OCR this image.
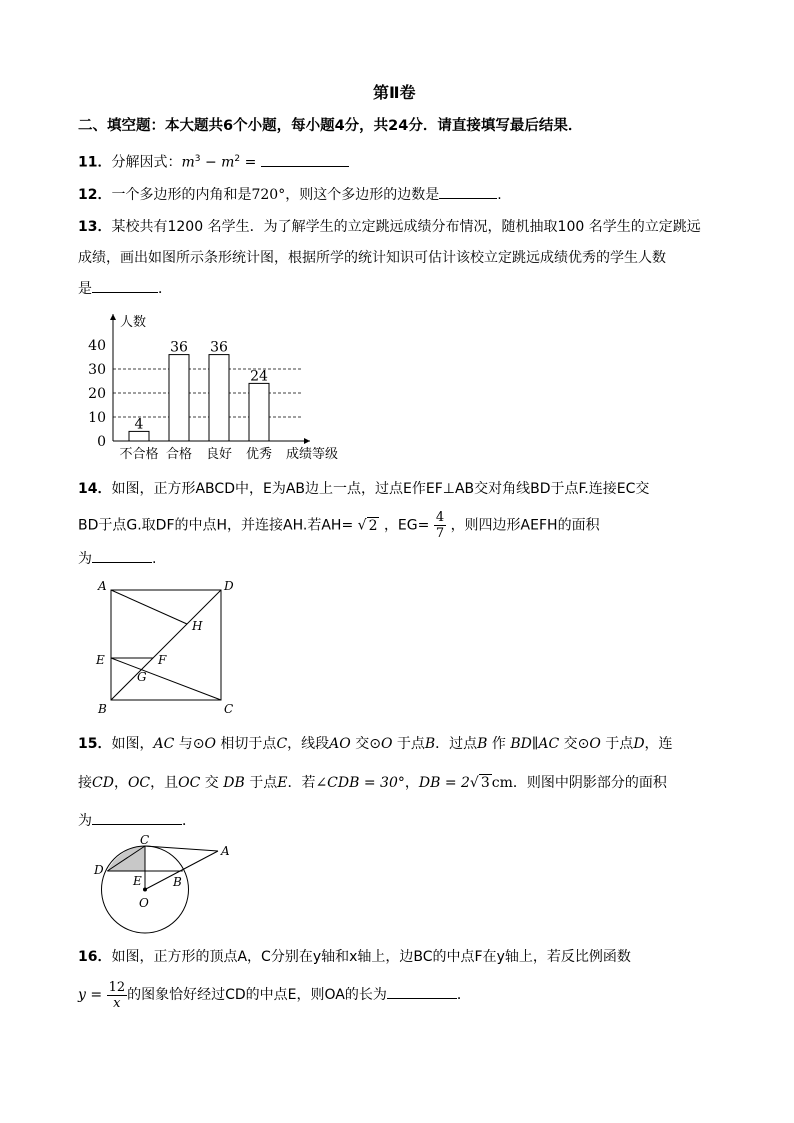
第Ⅱ卷
二、填空题：本大题共6个小题，每小题4分，共24分．请直接填写最后结果．
11．分解因式：$m^3 - m^2$ =
12．一个多边形的内角和是720°，则这个多边形的边数是	.
13．某校共有1200 名学生．为了解学生的立定跳远成绩分布情况，随机抽取100 名学生的立定跳远
成绩，画出如图所示条形统计图，根据所学的统计知识可估计该校立定跳远成绩优秀的学生人数
是	．
人数
成绩等级
0
10
20
30
40
4
不合格
36
合格
36
良好
24
优秀
14．如图，正方形ABCD中，E为AB边上一点，过点E作EF⊥AB交对角线BD于点F.连接EC交
BD于点G.取DF的中点H，并连接AH.若AH= √ 2 ，$EG= \frac{4}{7}$ ，则四边形AEFH的面积
为	.
A	D
H
E	F
G
B	C
15．如图，AC 与⊙O 相切于点C，线段AO 交⊙O 于点B．过点B 作 BD∥AC 交⊙O 于点D，连
接CD，OC，且OC 交 DB 于点E．若∠CDB = 30°，DB = 2√ 3 cm．则图中阴影部分的面积
为	．
C
A
D
E	B
O
16．如图，正方形的顶点A，C分别在y轴和x轴上，边BC的中点F在y轴上，若反比例函数
$y = \frac{12}{x}$ 的图象恰好经过CD的中点E，则OA的长为	．
